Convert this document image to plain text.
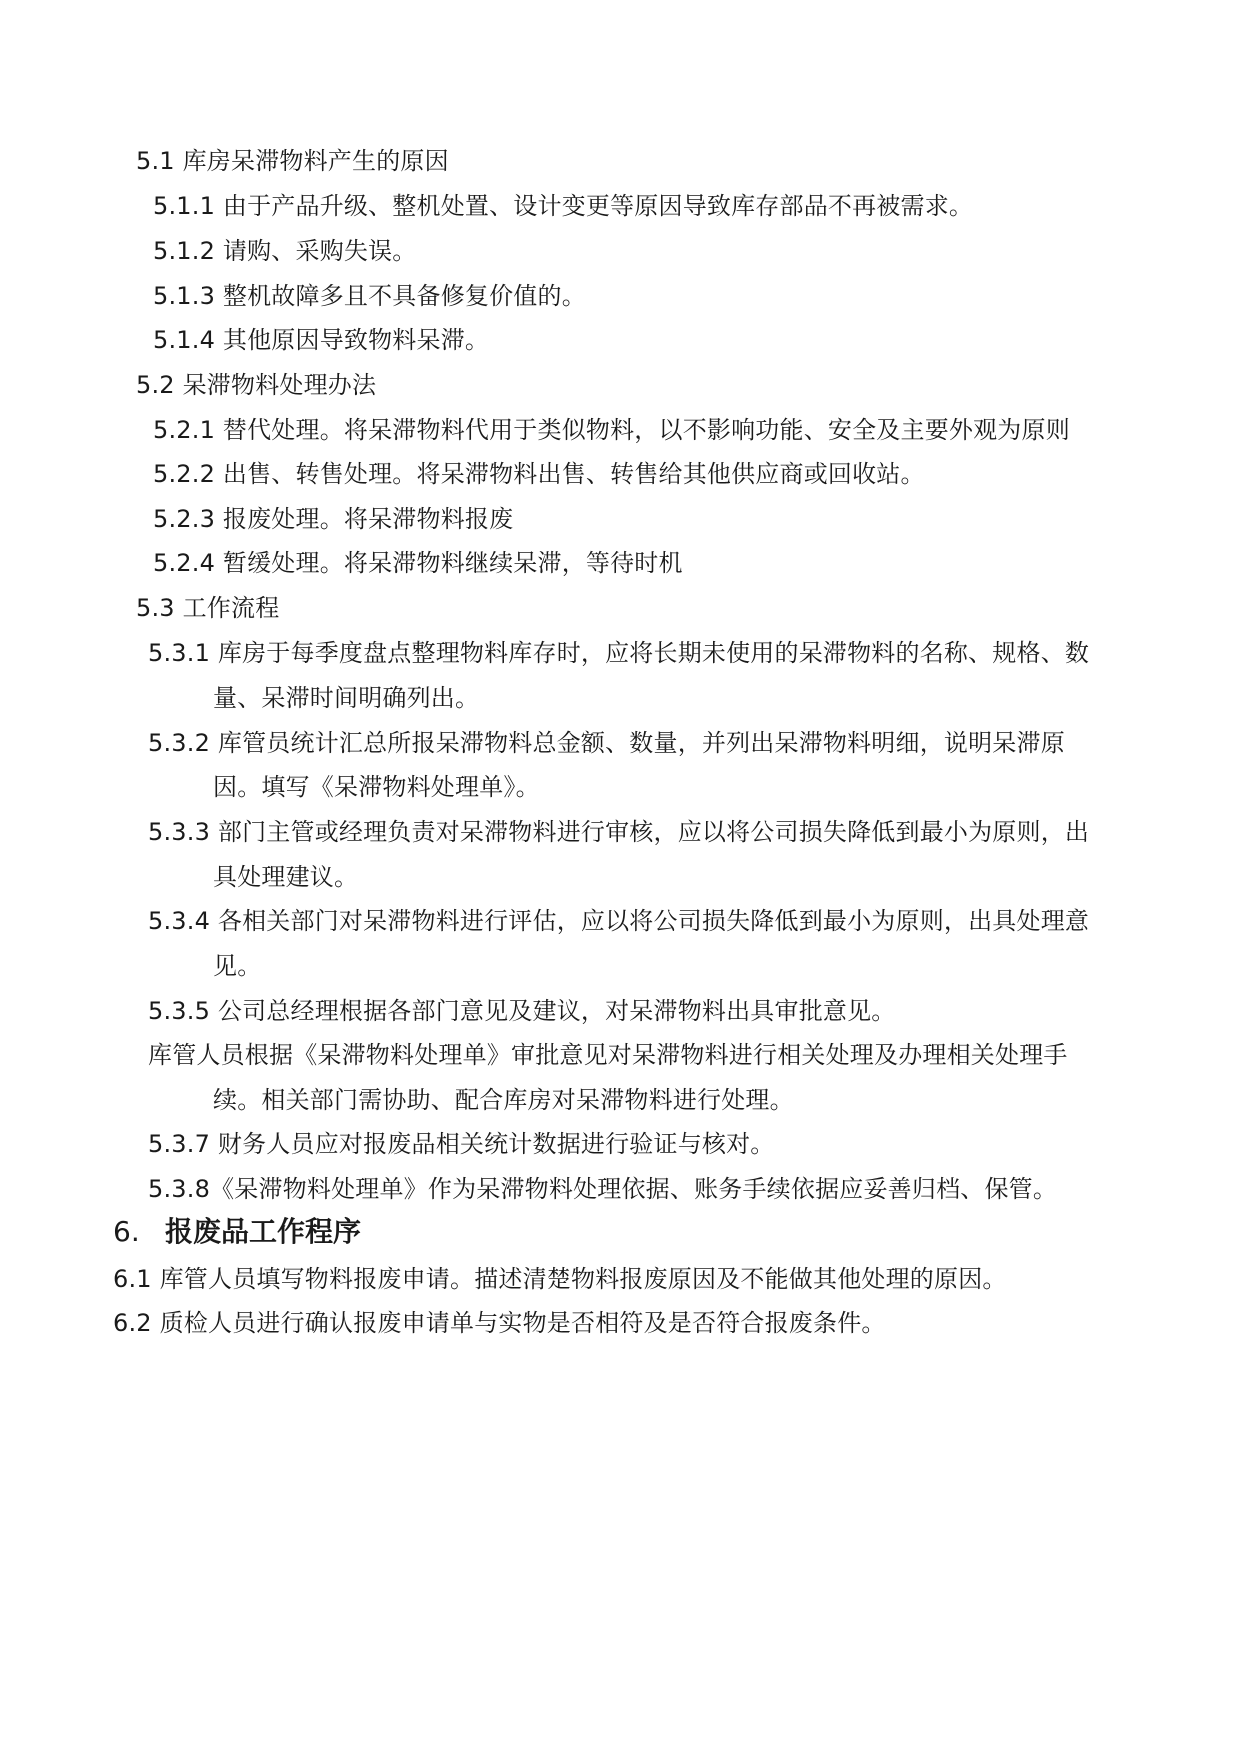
5.1 库房呆滞物料产生的原因
5.1.1 由于产品升级、整机处置、设计变更等原因导致库存部品不再被需求。
5.1.2 请购、采购失误。
5.1.3 整机故障多且不具备修复价值的。
5.1.4 其他原因导致物料呆滞。
5.2 呆滞物料处理办法
5.2.1 替代处理。将呆滞物料代用于类似物料，以不影响功能、安全及主要外观为原则
5.2.2 出售、转售处理。将呆滞物料出售、转售给其他供应商或回收站。
5.2.3 报废处理。将呆滞物料报废
5.2.4 暂缓处理。将呆滞物料继续呆滞，等待时机
5.3 工作流程
5.3.1 库房于每季度盘点整理物料库存时，应将长期未使用的呆滞物料的名称、规格、数
量、呆滞时间明确列出。
5.3.2 库管员统计汇总所报呆滞物料总金额、数量，并列出呆滞物料明细，说明呆滞原
因。填写《呆滞物料处理单》。
5.3.3 部门主管或经理负责对呆滞物料进行审核，应以将公司损失降低到最小为原则，出
具处理建议。
5.3.4 各相关部门对呆滞物料进行评估，应以将公司损失降低到最小为原则，出具处理意
见。
5.3.5 公司总经理根据各部门意见及建议，对呆滞物料出具审批意见。
库管人员根据《呆滞物料处理单》审批意见对呆滞物料进行相关处理及办理相关处理手
续。相关部门需协助、配合库房对呆滞物料进行处理。
5.3.7 财务人员应对报废品相关统计数据进行验证与核对。
5.3.8《呆滞物料处理单》作为呆滞物料处理依据、账务手续依据应妥善归档、保管。
6. 报废品工作程序
6.1 库管人员填写物料报废申请。描述清楚物料报废原因及不能做其他处理的原因。
6.2 质检人员进行确认报废申请单与实物是否相符及是否符合报废条件。
